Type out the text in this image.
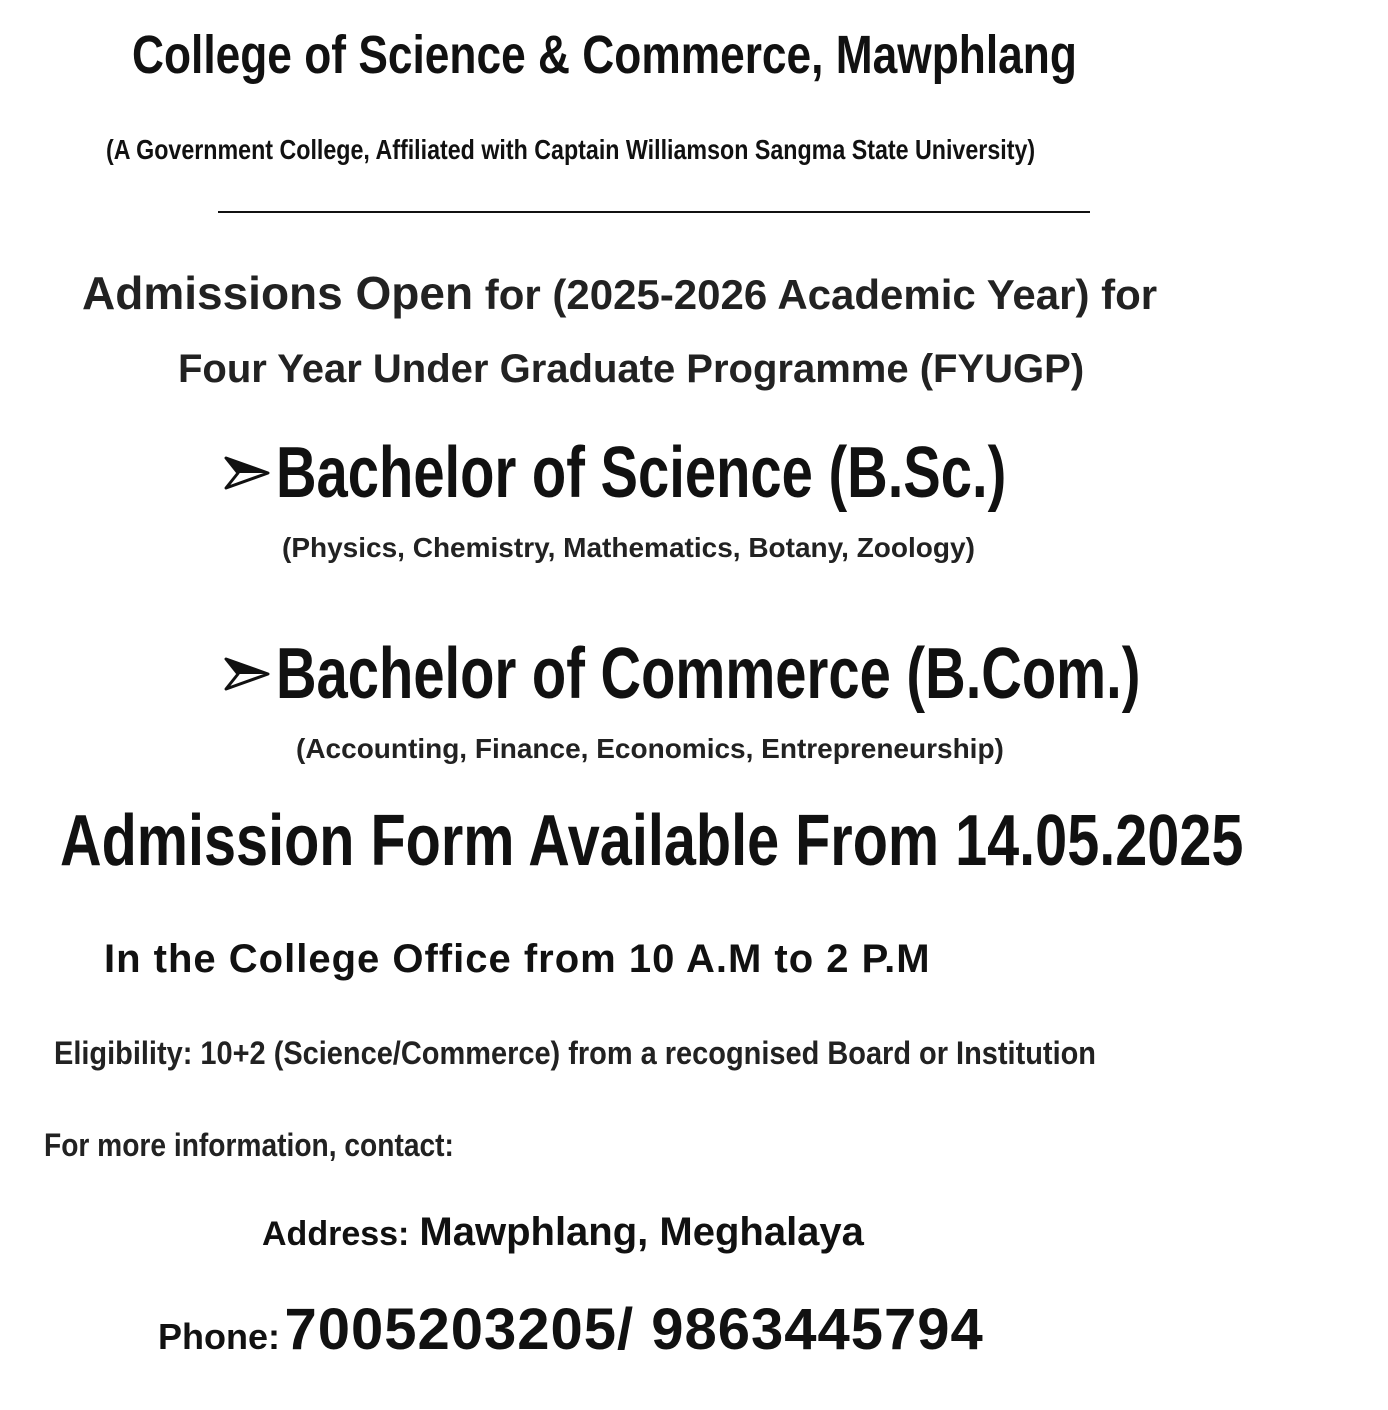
College of Science & Commerce, Mawphlang
(A Government College, Affiliated with Captain Williamson Sangma State University)
Admissions Open for (2025-2026 Academic Year) for
Four Year Under Graduate Programme (FYUGP)
Bachelor of Science (B.Sc.)
(Physics, Chemistry, Mathematics, Botany, Zoology)
Bachelor of Commerce (B.Com.)
(Accounting, Finance, Economics, Entrepreneurship)
Admission Form Available From 14.05.2025
In the College Office from 10 A.M to 2 P.M
Eligibility: 10+2 (Science/Commerce) from a recognised Board or Institution
For more information, contact:
Address: Mawphlang, Meghalaya
Phone: 7005203205/ 9863445794
